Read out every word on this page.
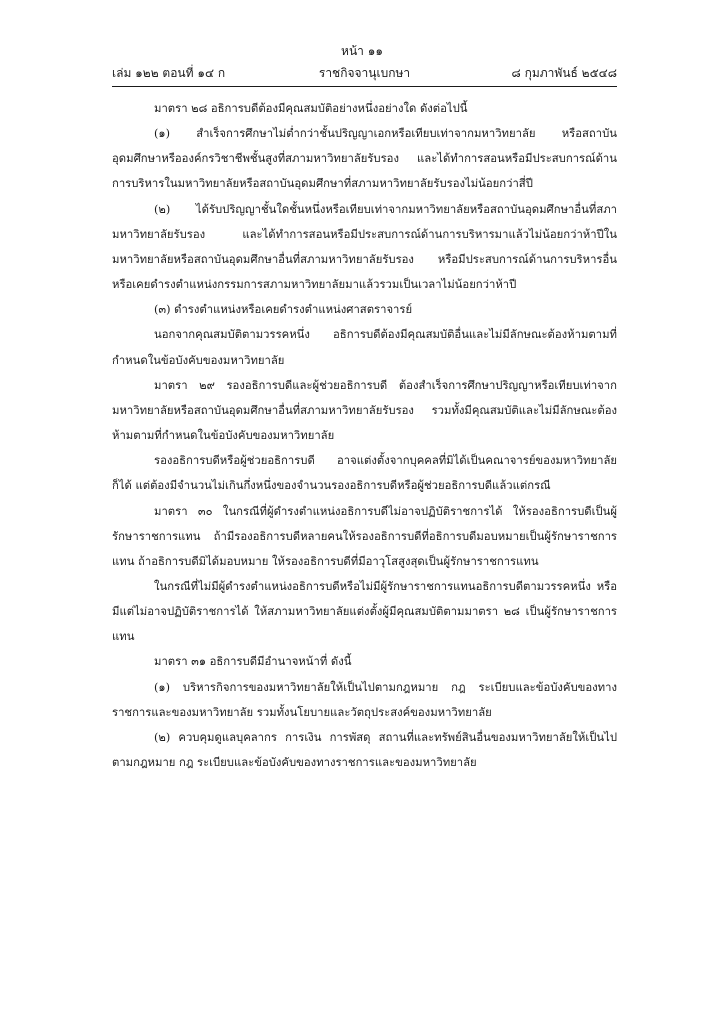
หน้า ๑๑
เล่ม ๑๒๒ ตอนที่ ๑๔ ก	ราชกิจจานุเบกษา	๘ กุมภาพันธ์ ๒๕๔๘

มาตรา ๒๘ อธิการบดีต้องมีคุณสมบัติอย่างหนึ่งอย่างใด ดังต่อไปนี้

(๑) สำเร็จการศึกษาไม่ต่ำกว่าชั้นปริญญาเอกหรือเทียบเท่าจากมหาวิทยาลัย หรือสถาบันอุดมศึกษาหรือองค์กรวิชาชีพชั้นสูงที่สภามหาวิทยาลัยรับรอง และได้ทำการสอนหรือมีประสบการณ์ด้านการบริหารในมหาวิทยาลัยหรือสถาบันอุดมศึกษาที่สภามหาวิทยาลัยรับรองไม่น้อยกว่าสี่ปี

(๒) ได้รับปริญญาชั้นใดชั้นหนึ่งหรือเทียบเท่าจากมหาวิทยาลัยหรือสถาบันอุดมศึกษาอื่นที่สภามหาวิทยาลัยรับรอง และได้ทำการสอนหรือมีประสบการณ์ด้านการบริหารมาแล้วไม่น้อยกว่าห้าปีในมหาวิทยาลัยหรือสถาบันอุดมศึกษาอื่นที่สภามหาวิทยาลัยรับรอง หรือมีประสบการณ์ด้านการบริหารอื่น หรือเคยดำรงตำแหน่งกรรมการสภามหาวิทยาลัยมาแล้วรวมเป็นเวลาไม่น้อยกว่าห้าปี

(๓) ดำรงตำแหน่งหรือเคยดำรงตำแหน่งศาสตราจารย์

นอกจากคุณสมบัติตามวรรคหนึ่ง อธิการบดีต้องมีคุณสมบัติอื่นและไม่มีลักษณะต้องห้ามตามที่กำหนดในข้อบังคับของมหาวิทยาลัย

มาตรา ๒๙ รองอธิการบดีและผู้ช่วยอธิการบดี ต้องสำเร็จการศึกษาปริญญาหรือเทียบเท่าจากมหาวิทยาลัยหรือสถาบันอุดมศึกษาอื่นที่สภามหาวิทยาลัยรับรอง รวมทั้งมีคุณสมบัติและไม่มีลักษณะต้องห้ามตามที่กำหนดในข้อบังคับของมหาวิทยาลัย

รองอธิการบดีหรือผู้ช่วยอธิการบดี อาจแต่งตั้งจากบุคคลที่มิได้เป็นคณาจารย์ของมหาวิทยาลัยก็ได้ แต่ต้องมีจำนวนไม่เกินกึ่งหนึ่งของจำนวนรองอธิการบดีหรือผู้ช่วยอธิการบดีแล้วแต่กรณี

มาตรา ๓๐ ในกรณีที่ผู้ดำรงตำแหน่งอธิการบดีไม่อาจปฏิบัติราชการได้ ให้รองอธิการบดีเป็นผู้รักษาราชการแทน ถ้ามีรองอธิการบดีหลายคนให้รองอธิการบดีที่อธิการบดีมอบหมายเป็นผู้รักษาราชการแทน ถ้าอธิการบดีมิได้มอบหมาย ให้รองอธิการบดีที่มีอาวุโสสูงสุดเป็นผู้รักษาราชการแทน

ในกรณีที่ไม่มีผู้ดำรงตำแหน่งอธิการบดีหรือไม่มีผู้รักษาราชการแทนอธิการบดีตามวรรคหนึ่ง หรือมีแต่ไม่อาจปฏิบัติราชการได้ ให้สภามหาวิทยาลัยแต่งตั้งผู้มีคุณสมบัติตามมาตรา ๒๘ เป็นผู้รักษาราชการแทน

มาตรา ๓๑ อธิการบดีมีอำนาจหน้าที่ ดังนี้

(๑) บริหารกิจการของมหาวิทยาลัยให้เป็นไปตามกฎหมาย กฎ ระเบียบและข้อบังคับของทางราชการและของมหาวิทยาลัย รวมทั้งนโยบายและวัตถุประสงค์ของมหาวิทยาลัย

(๒) ควบคุมดูแลบุคลากร การเงิน การพัสดุ สถานที่และทรัพย์สินอื่นของมหาวิทยาลัยให้เป็นไปตามกฎหมาย กฎ ระเบียบและข้อบังคับของทางราชการและของมหาวิทยาลัย
